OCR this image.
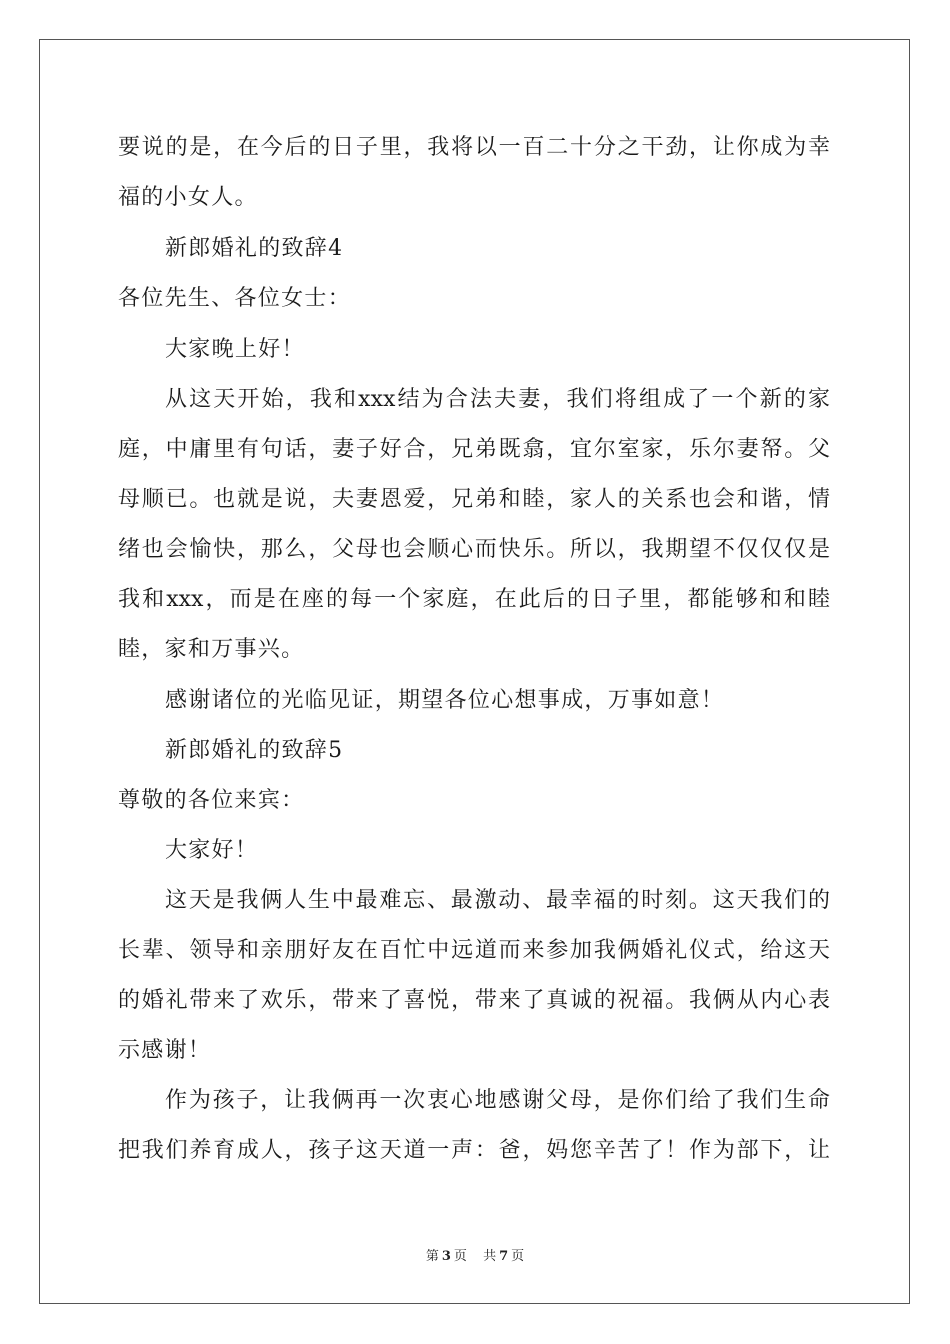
要说的是，在今后的日子里，我将以一百二十分之干劲，让你成为幸
福的小女人。
新郎婚礼的致辞4
各位先生、各位女士：
大家晚上好！
从这天开始，我和xxx结为合法夫妻，我们将组成了一个新的家
庭，中庸里有句话，妻子好合，兄弟既翕，宜尔室家，乐尔妻帑。父
母顺已。也就是说，夫妻恩爱，兄弟和睦，家人的关系也会和谐，情
绪也会愉快，那么，父母也会顺心而快乐。所以，我期望不仅仅仅是
我和xxx，而是在座的每一个家庭，在此后的日子里，都能够和和睦
睦，家和万事兴。
感谢诸位的光临见证，期望各位心想事成，万事如意！
新郎婚礼的致辞5
尊敬的各位来宾：
大家好！
这天是我俩人生中最难忘、最激动、最幸福的时刻。这天我们的
长辈、领导和亲朋好友在百忙中远道而来参加我俩婚礼仪式，给这天
的婚礼带来了欢乐，带来了喜悦，带来了真诚的祝福。我俩从内心表
示感谢！
作为孩子，让我俩再一次衷心地感谢父母，是你们给了我们生命
把我们养育成人，孩子这天道一声：爸，妈您辛苦了！作为部下，让
第 3 页 共 7 页
